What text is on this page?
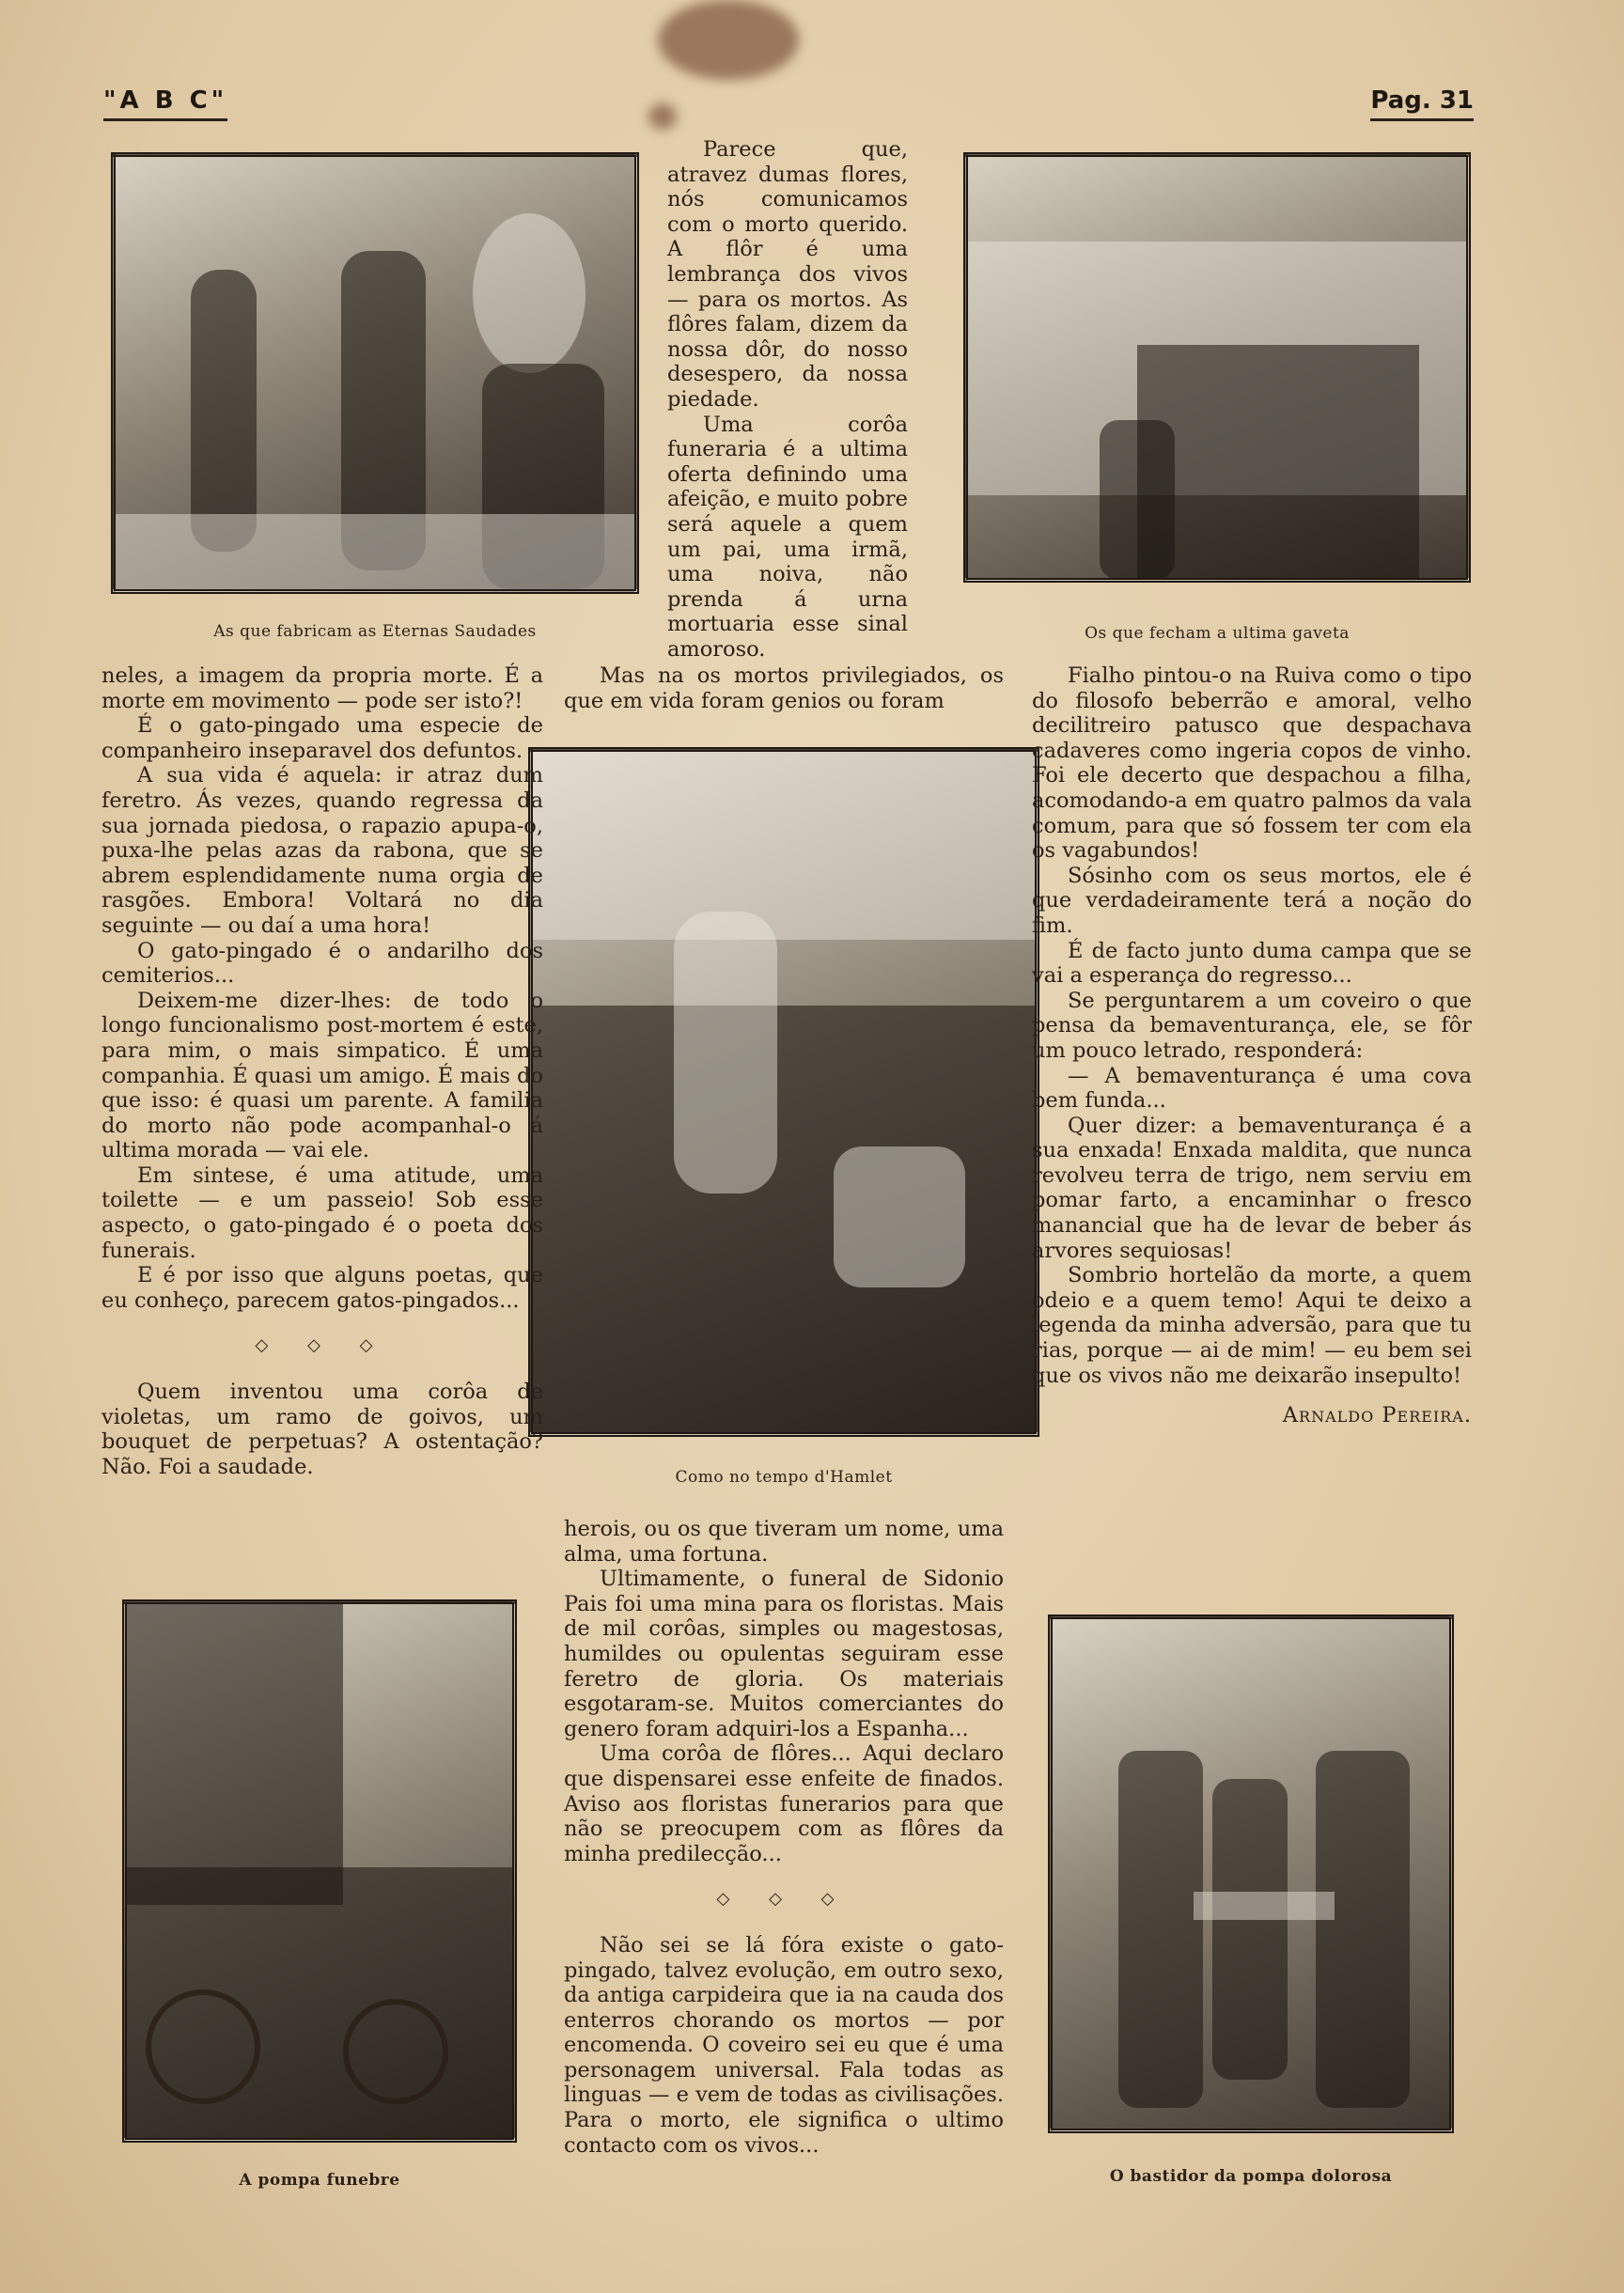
"A B C"	Pag. 31
As que fabricam as Eternas Saudades	Os que fecham a ultima gaveta
Como no tempo d'Hamlet
A pompa funebre	O bastidor da pompa dolorosa

Parece que, atravez dumas flores, nós comunicamos com o morto querido. A flôr é uma lembrança dos vivos — para os mortos. As flôres falam, dizem da nossa dôr, do nosso desespero, da nossa piedade.

Uma corôa funeraria é a ultima oferta definindo uma afeição, e muito pobre será aquele a quem um pai, uma irmã, uma noiva, não prenda á urna mortuaria esse sinal amoroso.

Mas na os mortos privilegiados, os que em vida foram genios ou foram

neles, a imagem da propria morte. É a morte em movimento — pode ser isto?!

É o gato-pingado uma especie de companheiro inseparavel dos defuntos.

A sua vida é aquela: ir atraz dum feretro. Ás vezes, quando regressa da sua jornada piedosa, o rapazio apupa-o, puxa-lhe pelas azas da rabona, que se abrem esplendidamente numa orgia de rasgões. Embora! Voltará no dia seguinte — ou daí a uma hora!

O gato-pingado é o andarilho dos cemiterios...

Deixem-me dizer-lhes: de todo o longo funcionalismo post-mortem é este, para mim, o mais simpatico. É uma companhia. É quasi um amigo. É mais do que isso: é quasi um parente. A familia do morto não pode acompanhal-o á ultima morada — vai ele.

Em sintese, é uma atitude, uma toilette — e um passeio! Sob esse aspecto, o gato-pingado é o poeta dos funerais.

E é por isso que alguns poetas, que eu conheço, parecem gatos-pingados...

◇ ◇ ◇

Quem inventou uma corôa de violetas, um ramo de goivos, um bouquet de perpetuas? A ostentação? Não. Foi a saudade.

Fialho pintou-o na Ruiva como o tipo do filosofo beberrão e amoral, velho decilitreiro patusco que despachava cadaveres como ingeria copos de vinho. Foi ele decerto que despachou a filha, acomodando-a em quatro palmos da vala comum, para que só fossem ter com ela os vagabundos!

Sósinho com os seus mortos, ele é que verdadeiramente terá a noção do fim.

É de facto junto duma campa que se vai a esperança do regresso...

Se perguntarem a um coveiro o que pensa da bemaventurança, ele, se fôr um pouco letrado, responderá:

— A bemaventurança é uma cova bem funda...

Quer dizer: a bemaventurança é a sua enxada! Enxada maldita, que nunca revolveu terra de trigo, nem serviu em pomar farto, a encaminhar o fresco manancial que ha de levar de beber ás arvores sequiosas!

Sombrio hortelão da morte, a quem odeio e a quem temo! Aqui te deixo a legenda da minha adversão, para que tu rias, porque — ai de mim! — eu bem sei que os vivos não me deixarão insepulto!

Arnaldo Pereira.

herois, ou os que tiveram um nome, uma alma, uma fortuna.

Ultimamente, o funeral de Sidonio Pais foi uma mina para os floristas. Mais de mil corôas, simples ou magestosas, humildes ou opulentas seguiram esse feretro de gloria. Os materiais esgotaram-se. Muitos comerciantes do genero foram adquiri-los a Espanha...

Uma corôa de flôres... Aqui declaro que dispensarei esse enfeite de finados. Aviso aos floristas funerarios para que não se preocupem com as flôres da minha predilecção...

◇ ◇ ◇

Não sei se lá fóra existe o gato-pingado, talvez evolução, em outro sexo, da antiga carpideira que ia na cauda dos enterros chorando os mortos — por encomenda. O coveiro sei eu que é uma personagem universal. Fala todas as linguas — e vem de todas as civilisações. Para o morto, ele significa o ultimo contacto com os vivos...
